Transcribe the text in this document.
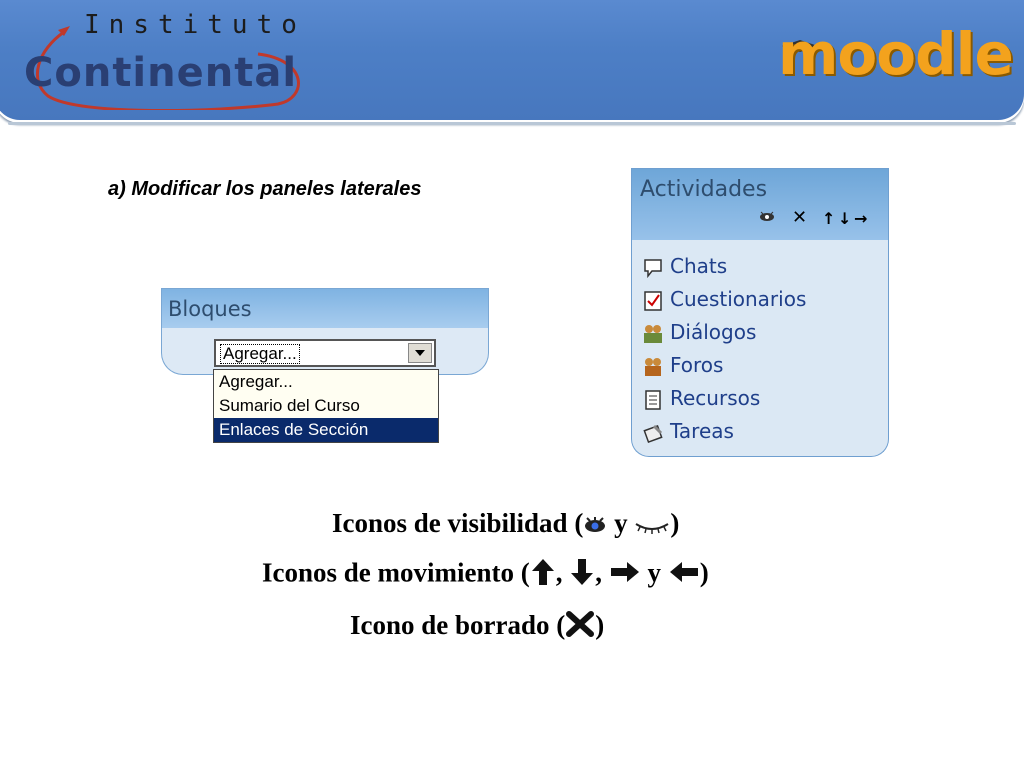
Instituto
Continental	moodle
a) Modificar los paneles laterales
Bloques
Agregar...
Agregar...
Sumario del Curso
Enlaces de Sección
Actividades
✕ ↑ ↓ →
Chats
Cuestionarios
Diálogos
Foros
Recursos
Tareas
Iconos de visibilidad ( y )
Iconos de movimiento ( , , y )
Icono de borrado ( )
